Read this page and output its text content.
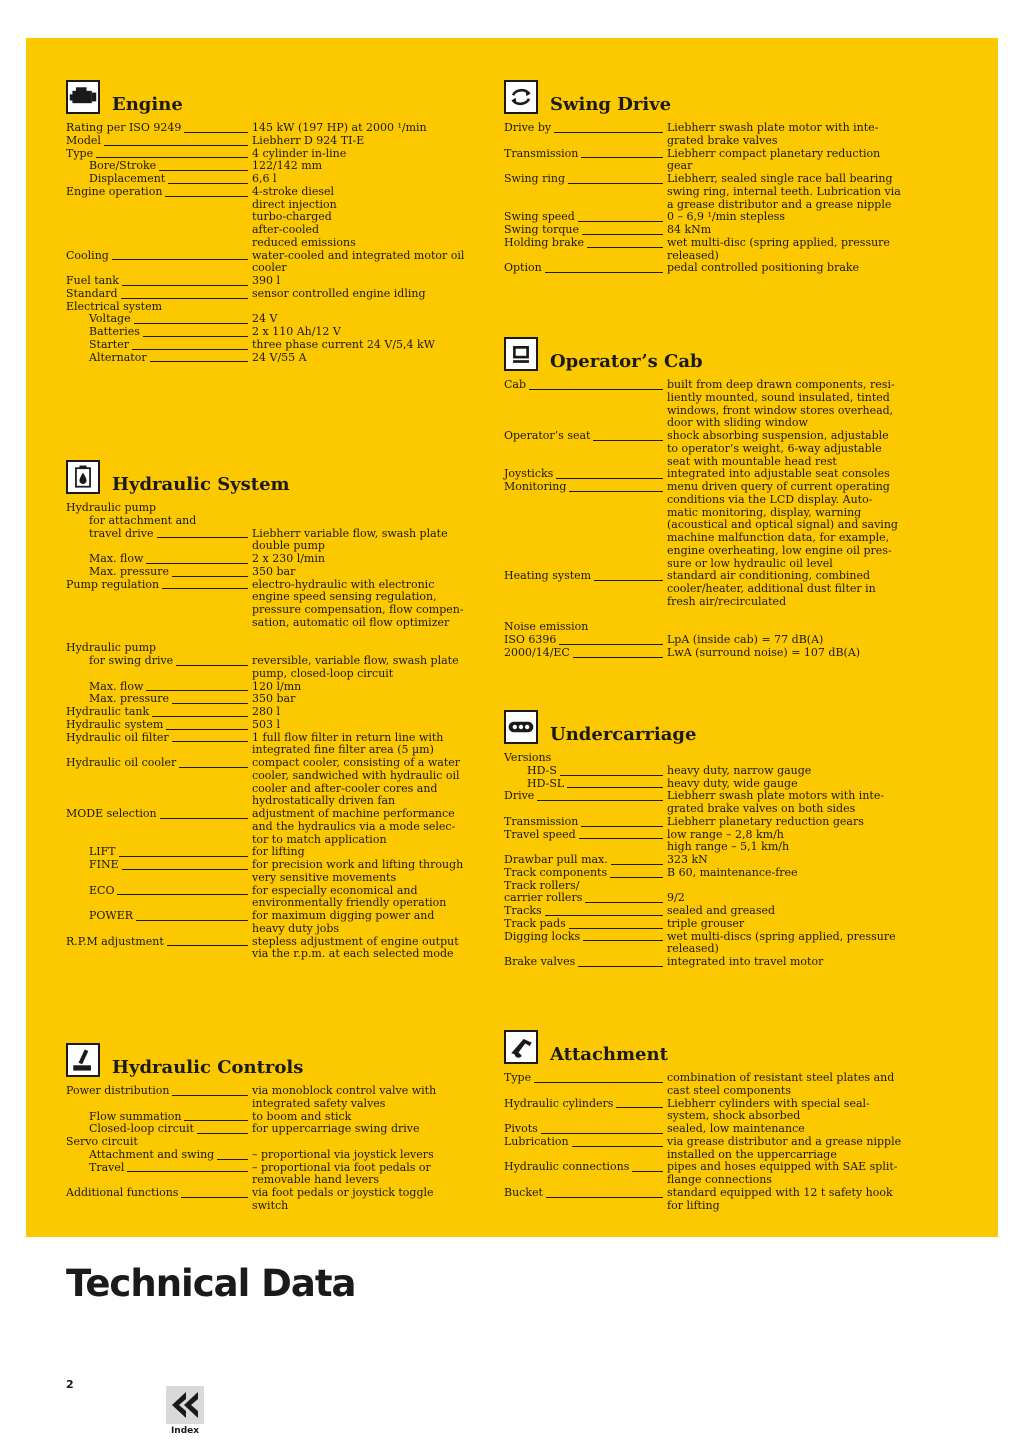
Engine
Rating per ISO 9249	145 kW (197 HP) at 2000 ¹/min
Model	Liebherr D 924 TI-E
Type	4 cylinder in-line
Bore/Stroke	122/142 mm
Displacement	6,6 l
Engine operation	4-stroke diesel
direct injection
turbo-charged
after-cooled
reduced emissions
Cooling	water-cooled and integrated motor oil
cooler
Fuel tank	390 l
Standard	sensor controlled engine idling
Electrical system
Voltage	24 V
Batteries	2 x 110 Ah/12 V
Starter	three phase current 24 V/5,4 kW
Alternator	24 V/55 A
Hydraulic System
Hydraulic pump
for attachment and
travel drive	Liebherr variable flow, swash plate
double pump
Max. flow	2 x 230 l/min
Max. pressure	350 bar
Pump regulation	electro-hydraulic with electronic
engine speed sensing regulation,
pressure compensation, flow compen-
sation, automatic oil flow optimizer

Hydraulic pump
for swing drive	reversible, variable flow, swash plate
pump, closed-loop circuit
Max. flow	120 l/mn
Max. pressure	350 bar
Hydraulic tank	280 l
Hydraulic system	503 l
Hydraulic oil filter	1 full flow filter in return line with
integrated fine filter area (5 µm)
Hydraulic oil cooler	compact cooler, consisting of a water
cooler, sandwiched with hydraulic oil
cooler and after-cooler cores and
hydrostatically driven fan
MODE selection	adjustment of machine performance
and the hydraulics via a mode selec-
tor to match application
LIFT	for lifting
FINE	for precision work and lifting through
very sensitive movements
ECO	for especially economical and
environmentally friendly operation
POWER	for maximum digging power and
heavy duty jobs
R.P.M adjustment	stepless adjustment of engine output
via the r.p.m. at each selected mode
Hydraulic Controls
Power distribution	via monoblock control valve with
integrated safety valves
Flow summation	to boom and stick
Closed-loop circuit	for uppercarriage swing drive
Servo circuit
Attachment and swing	– proportional via joystick levers
Travel	– proportional via foot pedals or
removable hand levers
Additional functions	via foot pedals or joystick toggle
switch
Swing Drive
Drive by	Liebherr swash plate motor with inte-
grated brake valves
Transmission	Liebherr compact planetary reduction
gear
Swing ring	Liebherr, sealed single race ball bearing
swing ring, internal teeth. Lubrication via
a grease distributor and a grease nipple
Swing speed	0 – 6,9 ¹/min stepless
Swing torque	84 kNm
Holding brake	wet multi-disc (spring applied, pressure
released)
Option	pedal controlled positioning brake
Operator’s Cab
Cab	built from deep drawn components, resi-
liently mounted, sound insulated, tinted
windows, front window stores overhead,
door with sliding window
Operator’s seat	shock absorbing suspension, adjustable
to operator’s weight, 6-way adjustable
seat with mountable head rest
Joysticks	integrated into adjustable seat consoles
Monitoring	menu driven query of current operating
conditions via the LCD display. Auto-
matic monitoring, display, warning
(acoustical and optical signal) and saving
machine malfunction data, for example,
engine overheating, low engine oil pres-
sure or low hydraulic oil level
Heating system	standard air conditioning, combined
cooler/heater, additional dust filter in
fresh air/recirculated

Noise emission
ISO 6396	LpA (inside cab) = 77 dB(A)
2000/14/EC	LwA (surround noise) = 107 dB(A)
Undercarriage
Versions
HD-S	heavy duty, narrow gauge
HD-SL	heavy duty, wide gauge
Drive	Liebherr swash plate motors with inte-
grated brake valves on both sides
Transmission	Liebherr planetary reduction gears
Travel speed	low range – 2,8 km/h
high range – 5,1 km/h
Drawbar pull max.	323 kN
Track components	B 60, maintenance-free
Track rollers/
carrier rollers	9/2
Tracks	sealed and greased
Track pads	triple grouser
Digging locks	wet multi-discs (spring applied, pressure
released)
Brake valves	integrated into travel motor
Attachment
Type	combination of resistant steel plates and
cast steel components
Hydraulic cylinders	Liebherr cylinders with special seal-
system, shock absorbed
Pivots	sealed, low maintenance
Lubrication	via grease distributor and a grease nipple
installed on the uppercarriage
Hydraulic connections	pipes and hoses equipped with SAE split-
flange connections
Bucket	standard equipped with 12 t safety hook
for lifting
Technical Data
2
Index
